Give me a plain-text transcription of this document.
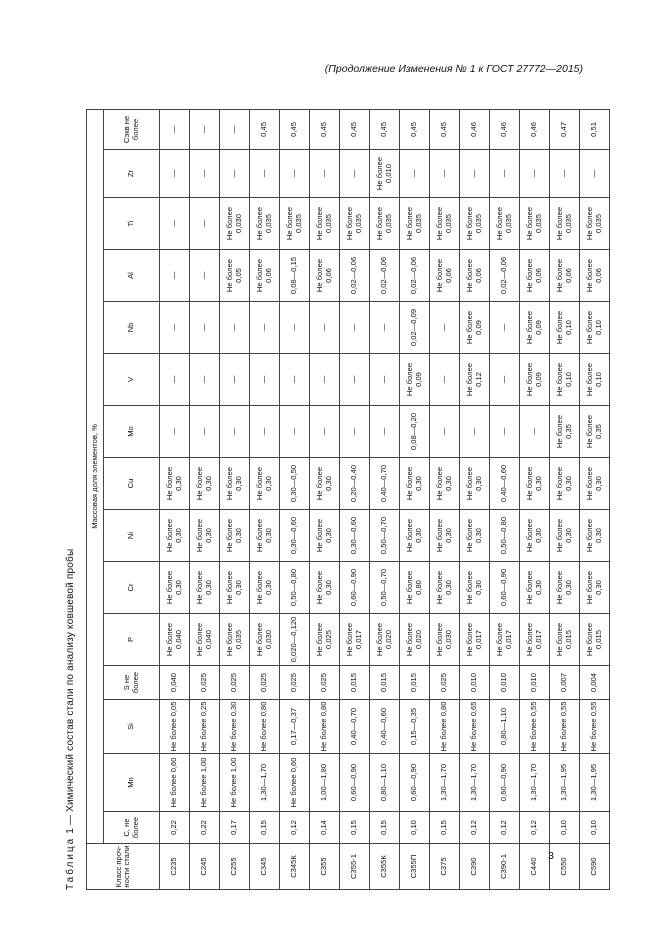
(Продолжение Изменения № 1 к ГОСТ 27772—2015)
Таблица 1 — Химический состав стали по анализу ковшевой пробы
Класс проч-ности стали	Массовая доля элементов, %														
	C, не более	Mn	Si	S не более	P	Cr	Ni	Cu	Mo	V	Nb	Al	Ti	Zr	Сэкв не более
С235	0,22	Не более 0,60	Не более 0,05	0,040	Не более 0,040	Не более 0,30	Не более 0,30	Не более 0,30	—	—	—	—	—	—	—
С245	0,22	Не более 1,00	Не более 0,25	0,025	Не более 0,040	Не более 0,30	Не более 0,30	Не более 0,30	—	—	—	—	—	—	—
С255	0,17	Не более 1,00	Не более 0,30	0,025	Не более 0,035	Не более 0,30	Не более 0,30	Не более 0,30	—	—	—	Не более 0,05	Не более 0,030	—	—
С345	0,15	1,30—1,70	Не более 0,80	0,025	Не более 0,030	Не более 0,30	Не более 0,30	Не более 0,30	—	—	—	Не более 0,06	Не более 0,035	—	0,45
С345К	0,12	Не более 0,60	0,17—0,37	0,025	0,020—0,120	0,50—0,80	0,30—0,60	0,30—0,50	—	—	—	0,08—0,15	Не более 0,035	—	0,45
С355	0,14	1,00—1,80	Не более 0,80	0,025	Не более 0,025	Не более 0,30	Не более 0,30	Не более 0,30	—	—	—	Не более 0,06	Не более 0,035	—	0,45
С355-1	0,15	0,60—0,90	0,40—0,70	0,015	Не более 0,017	0,60—0,90	0,30—0,60	0,20—0,40	—	—	—	0,02—0,06	Не более 0,035	—	0,45
С355К	0,15	0,80—1,10	0,40—0,60	0,015	Не более 0,020	0,50—0,70	0,50—0,70	0,40—0,70	—	—	—	0,02—0,06	Не более 0,035	Не более 0,010	0,45
С355П	0,10	0,60—0,90	0,15—0,35	0,015	Не более 0,020	Не более 0,80	Не более 0,30	Не более 0,30	0,08—0,20	Не более 0,09	0,02—0,09	0,02—0,06	Не более 0,035	—	0,45
С375	0,15	1,30—1,70	Не более 0,80	0,025	Не более 0,030	Не более 0,30	Не более 0,30	Не более 0,30	—	—	—	Не более 0,06	Не более 0,035	—	0,45
С390	0,12	1,30—1,70	Не более 0,65	0,010	Не более 0,017	Не более 0,30	Не более 0,30	Не более 0,30	—	Не более 0,12	Не более 0,09	Не более 0,06	Не более 0,035	—	0,46
С390-1	0,12	0,60—0,90	0,80—1,10	0,010	Не более 0,017	0,60—0,90	0,50—0,80	0,40—0,60	—	—	—	0,02—0,06	Не более 0,035	—	0,46
С440	0,12	1,30—1,70	Не более 0,55	0,010	Не более 0,017	Не более 0,30	Не более 0,30	Не более 0,30	—	Не более 0,09	Не более 0,09	Не более 0,06	Не более 0,035	—	0,46
С550	0,10	1,30—1,95	Не более 0,55	0,007	Не более 0,015	Не более 0,30	Не более 0,30	Не более 0,30	Не более 0,35	Не более 0,10	Не более 0,10	Не более 0,06	Не более 0,035	—	0,47
С590	0,10	1,30—1,95	Не более 0,55	0,004	Не более 0,015	Не более 0,30	Не более 0,30	Не более 0,30	Не более 0,35	Не более 0,10	Не более 0,10	Не более 0,06	Не более 0,035	—	0,51
3
